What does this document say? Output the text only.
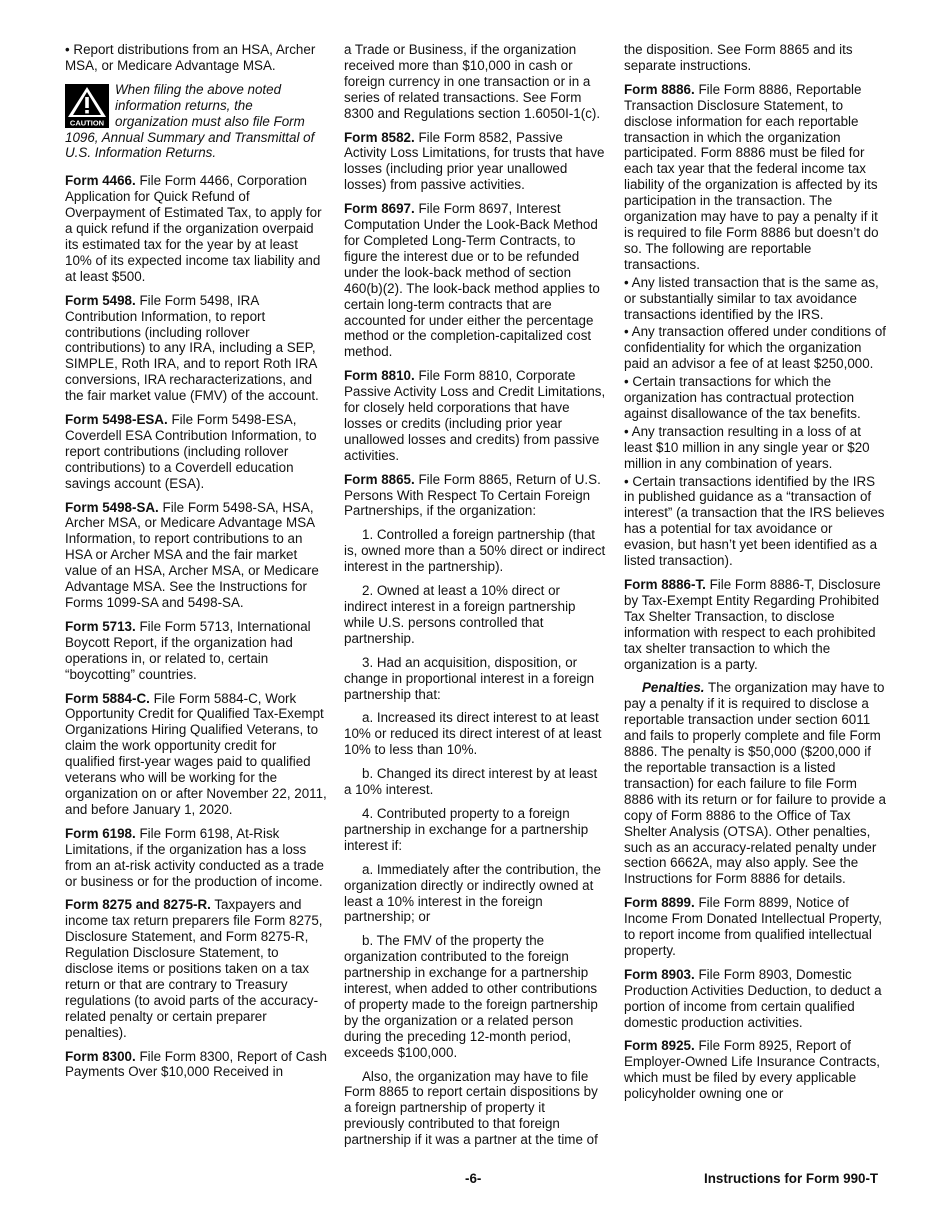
• Report distributions from an HSA, Archer MSA, or Medicare Advantage MSA.

CAUTION

When filing the above noted information returns, the organization must also file Form
1096, Annual Summary and Transmittal of U.S. Information Returns.

Form 4466. File Form 4466, Corporation Application for Quick Refund of Overpayment of Estimated Tax, to apply for a quick refund if the organization overpaid its estimated tax for the year by at least 10% of its expected income tax liability and at least $500.

Form 5498. File Form 5498, IRA Contribution Information, to report contributions (including rollover contributions) to any IRA, including a SEP, SIMPLE, Roth IRA, and to report Roth IRA conversions, IRA recharacterizations, and the fair market value (FMV) of the account.

Form 5498-ESA. File Form 5498-ESA, Coverdell ESA Contribution Information, to report contributions (including rollover contributions) to a Coverdell education savings account (ESA).

Form 5498-SA. File Form 5498-SA, HSA, Archer MSA, or Medicare Advantage MSA Information, to report contributions to an HSA or Archer MSA and the fair market value of an HSA, Archer MSA, or Medicare Advantage MSA. See the Instructions for Forms 1099-SA and 5498-SA.

Form 5713. File Form 5713, International Boycott Report, if the organization had operations in, or related to, certain “boycotting” countries.

Form 5884-C. File Form 5884-C, Work Opportunity Credit for Qualified Tax-Exempt Organizations Hiring Qualified Veterans, to claim the work opportunity credit for qualified first-year wages paid to qualified veterans who will be working for the organization on or after November 22, 2011, and before January 1, 2020.

Form 6198. File Form 6198, At-Risk Limitations, if the organization has a loss from an at-risk activity conducted as a trade or business or for the production of income.

Form 8275 and 8275-R. Taxpayers and income tax return preparers file Form 8275, Disclosure Statement, and Form 8275-R, Regulation Disclosure Statement, to disclose items or positions taken on a tax return or that are contrary to Treasury regulations (to avoid parts of the accuracy-related penalty or certain preparer penalties).

Form 8300. File Form 8300, Report of Cash Payments Over $10,000 Received in

a Trade or Business, if the organization received more than $10,000 in cash or foreign currency in one transaction or in a series of related transactions. See Form 8300 and Regulations section 1.6050I-1(c).

Form 8582. File Form 8582, Passive Activity Loss Limitations, for trusts that have losses (including prior year unallowed losses) from passive activities.

Form 8697. File Form 8697, Interest Computation Under the Look-Back Method for Completed Long-Term Contracts, to figure the interest due or to be refunded under the look-back method of section 460(b)(2). The look-back method applies to certain long-term contracts that are accounted for under either the percentage method or the completion-capitalized cost method.

Form 8810. File Form 8810, Corporate Passive Activity Loss and Credit Limitations, for closely held corporations that have losses or credits (including prior year unallowed losses and credits) from passive activities.

Form 8865. File Form 8865, Return of U.S. Persons With Respect To Certain Foreign Partnerships, if the organization:

1. Controlled a foreign partnership (that is, owned more than a 50% direct or indirect interest in the partnership).

2. Owned at least a 10% direct or indirect interest in a foreign partnership while U.S. persons controlled that partnership.

3. Had an acquisition, disposition, or change in proportional interest in a foreign partnership that:

a. Increased its direct interest to at least 10% or reduced its direct interest of at least 10% to less than 10%.

b. Changed its direct interest by at least a 10% interest.

4. Contributed property to a foreign partnership in exchange for a partnership interest if:

a. Immediately after the contribution, the organization directly or indirectly owned at least a 10% interest in the foreign partnership; or

b. The FMV of the property the organization contributed to the foreign partnership in exchange for a partnership interest, when added to other contributions of property made to the foreign partnership by the organization or a related person during the preceding 12-month period, exceeds $100,000.

Also, the organization may have to file Form 8865 to report certain dispositions by a foreign partnership of property it previously contributed to that foreign partnership if it was a partner at the time of

the disposition. See Form 8865 and its separate instructions.

Form 8886. File Form 8886, Reportable Transaction Disclosure Statement, to disclose information for each reportable transaction in which the organization participated. Form 8886 must be filed for each tax year that the federal income tax liability of the organization is affected by its participation in the transaction. The organization may have to pay a penalty if it is required to file Form 8886 but doesn’t do so. The following are reportable transactions.

• Any listed transaction that is the same as, or substantially similar to tax avoidance transactions identified by the IRS.

• Any transaction offered under conditions of confidentiality for which the organization paid an advisor a fee of at least $250,000.

• Certain transactions for which the organization has contractual protection against disallowance of the tax benefits.

• Any transaction resulting in a loss of at least $10 million in any single year or $20 million in any combination of years.

• Certain transactions identified by the IRS in published guidance as a “transaction of interest” (a transaction that the IRS believes has a potential for tax avoidance or evasion, but hasn’t yet been identified as a listed transaction).

Form 8886-T. File Form 8886-T, Disclosure by Tax-Exempt Entity Regarding Prohibited Tax Shelter Transaction, to disclose information with respect to each prohibited tax shelter transaction to which the organization is a party.

Penalties. The organization may have to pay a penalty if it is required to disclose a reportable transaction under section 6011 and fails to properly complete and file Form 8886. The penalty is $50,000 ($200,000 if the reportable transaction is a listed transaction) for each failure to file Form 8886 with its return or for failure to provide a copy of Form 8886 to the Office of Tax Shelter Analysis (OTSA). Other penalties, such as an accuracy-related penalty under section 6662A, may also apply. See the Instructions for Form 8886 for details.

Form 8899. File Form 8899, Notice of Income From Donated Intellectual Property, to report income from qualified intellectual property.

Form 8903. File Form 8903, Domestic Production Activities Deduction, to deduct a portion of income from certain qualified domestic production activities.

Form 8925. File Form 8925, Report of Employer-Owned Life Insurance Contracts, which must be filed by every applicable policyholder owning one or

-6-	Instructions for Form 990-T
